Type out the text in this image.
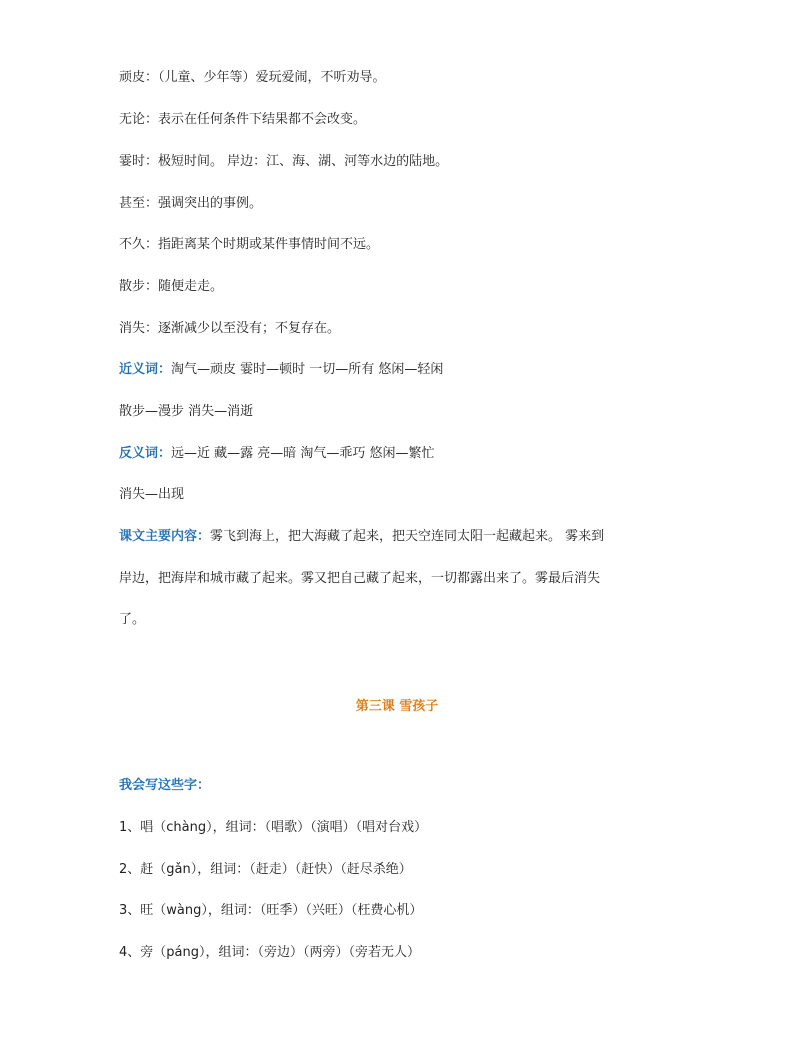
顽皮：（儿童、少年等）爱玩爱闹，不听劝导。
无论：表示在任何条件下结果都不会改变。
霎时：极短时间。 岸边：江、海、湖、河等水边的陆地。
甚至：强调突出的事例。
不久：指距离某个时期或某件事情时间不远。
散步：随便走走。
消失：逐渐减少以至没有；不复存在。
近义词：淘气—顽皮 霎时—顿时 一切—所有 悠闲—轻闲
散步—漫步 消失—消逝
反义词：远—近 藏—露 亮—暗 淘气—乖巧 悠闲—繁忙
消失—出现
课文主要内容：雾飞到海上，把大海藏了起来，把天空连同太阳一起藏起来。 雾来到
岸边，把海岸和城市藏了起来。雾又把自己藏了起来，一切都露出来了。雾最后消失
了。
第三课 雪孩子
我会写这些字：
1、唱（chàng），组词：（唱歌）（演唱）（唱对台戏）
2、赶（gǎn），组词：（赶走）（赶快）（赶尽杀绝）
3、旺（wàng），组词：（旺季）（兴旺）（枉费心机）
4、旁（páng），组词：（旁边）（两旁）（旁若无人）
